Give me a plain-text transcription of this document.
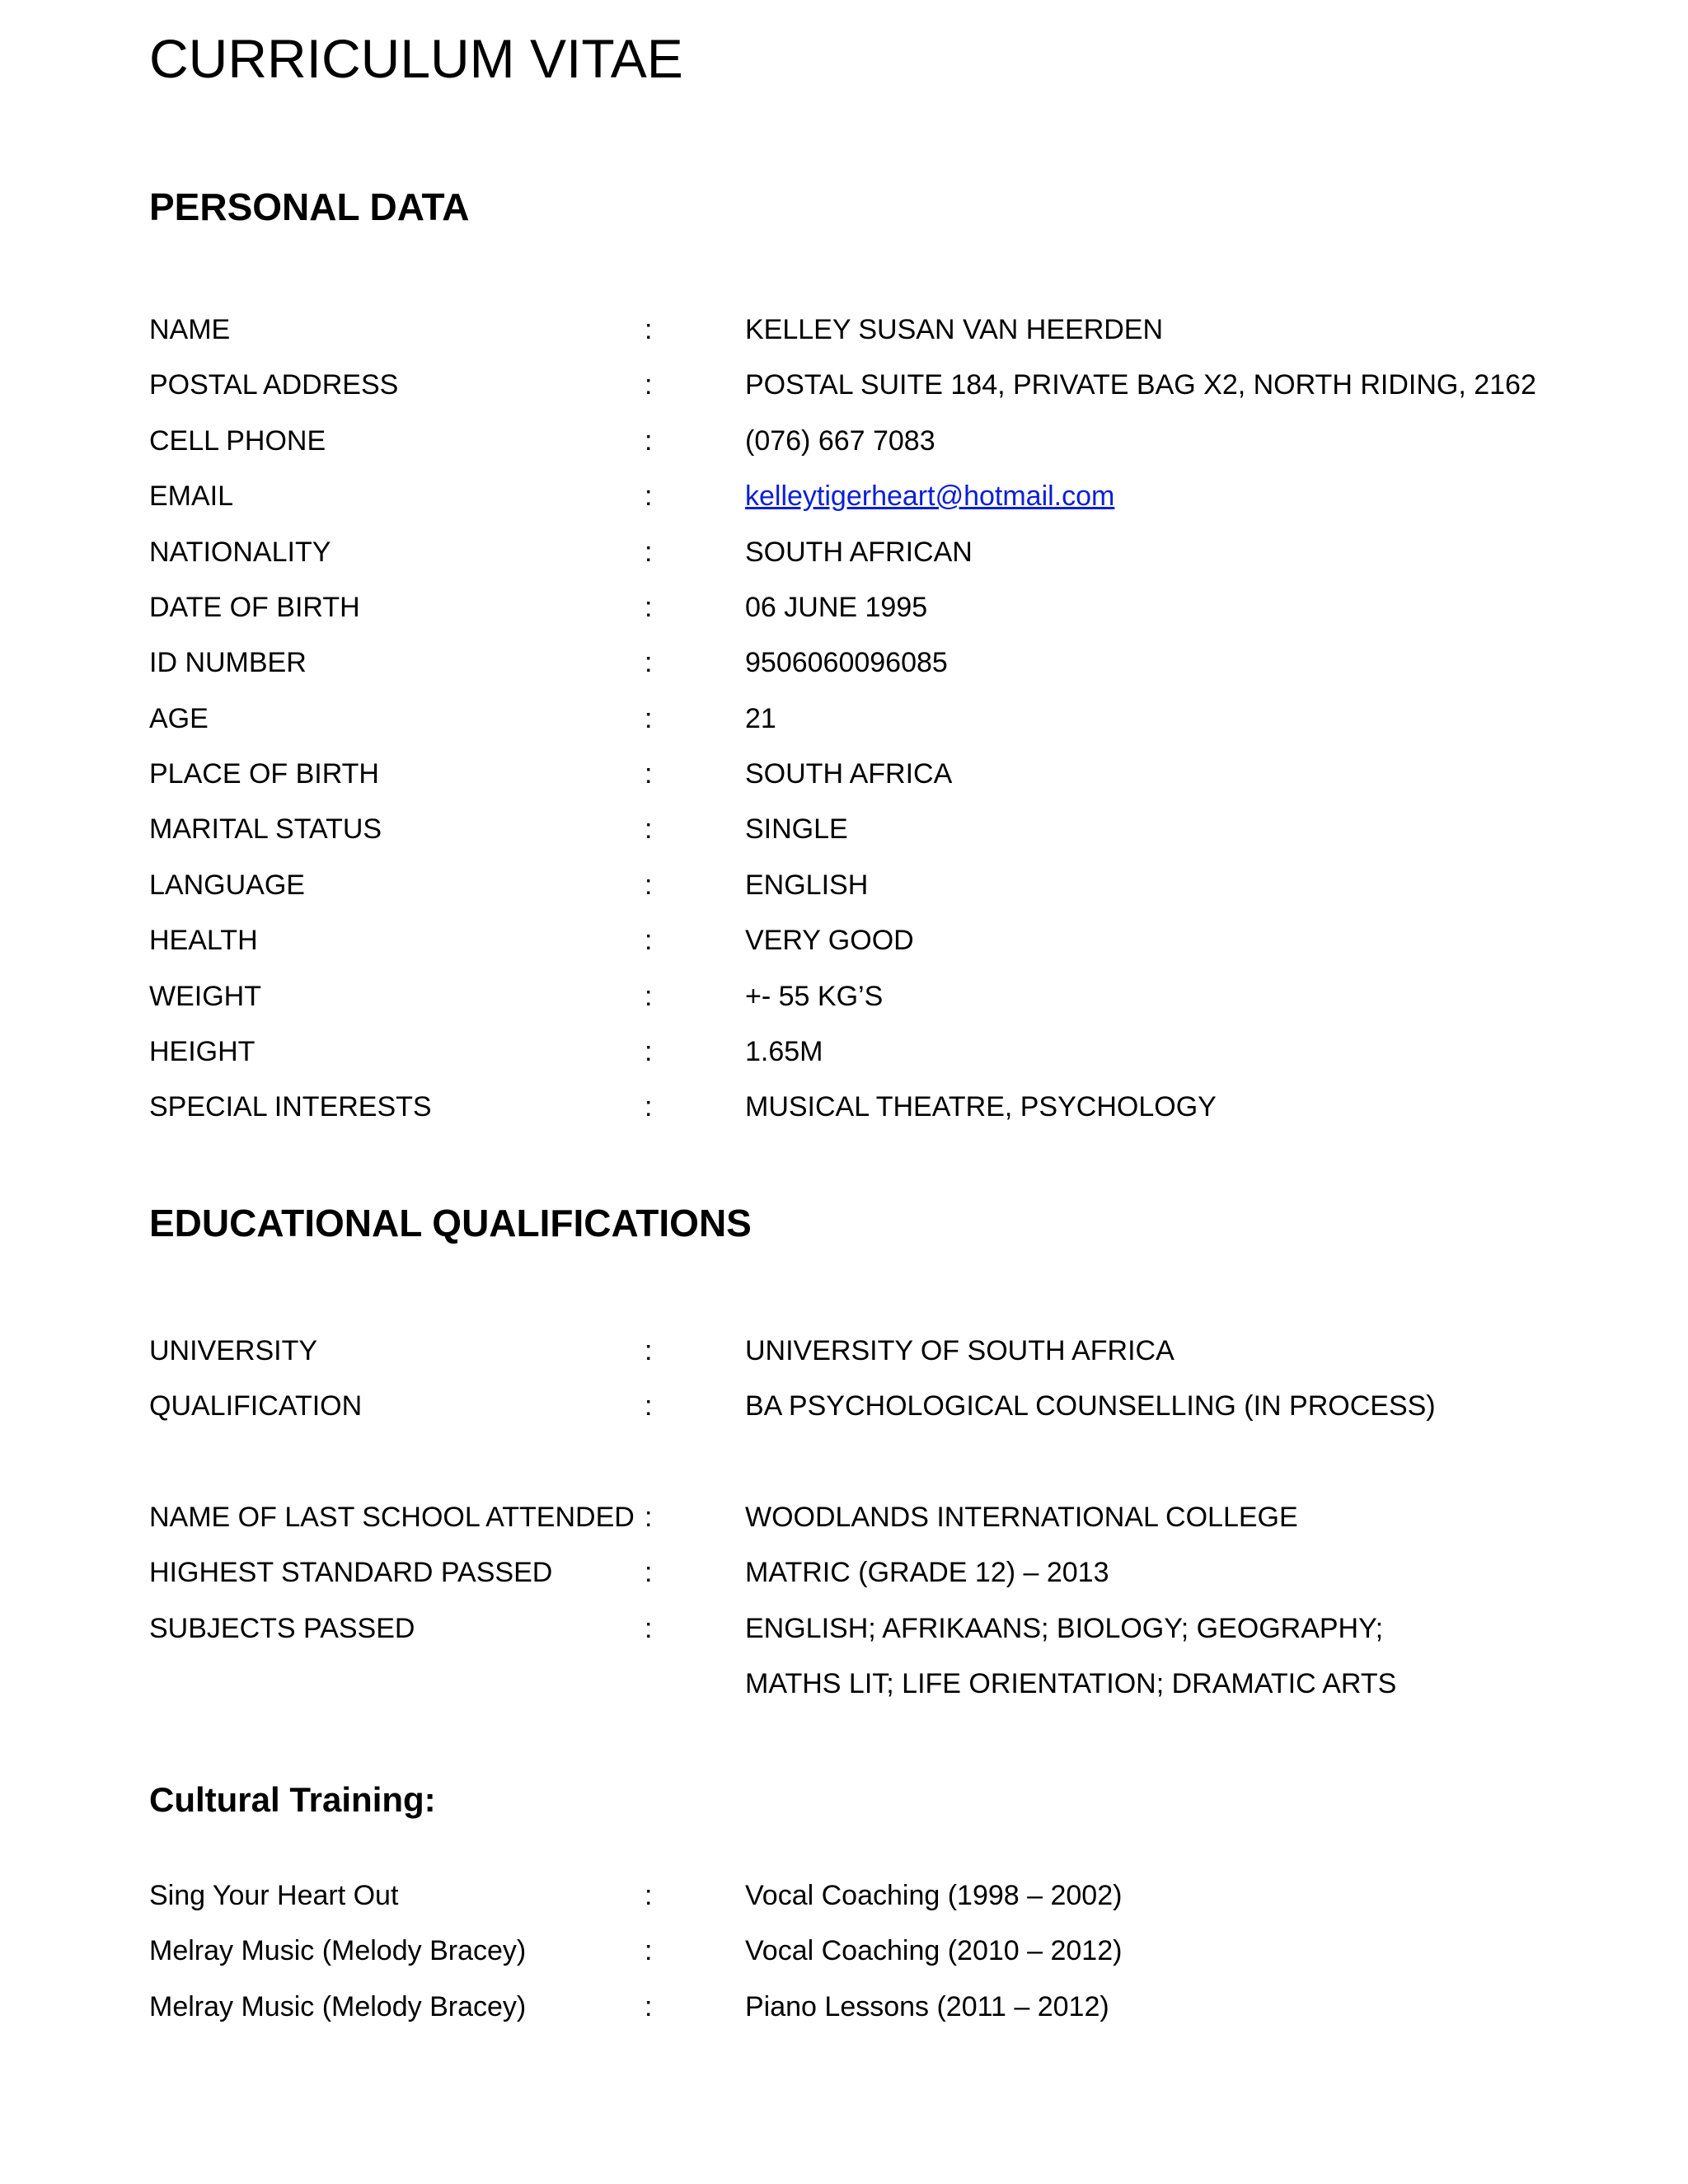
CURRICULUM VITAE
PERSONAL DATA
NAME	:	KELLEY SUSAN VAN HEERDEN
POSTAL ADDRESS	:	POSTAL SUITE 184, PRIVATE BAG X2, NORTH RIDING, 2162
CELL PHONE	:	(076) 667 7083
EMAIL	:	kelleytigerheart@hotmail.com
NATIONALITY	:	SOUTH AFRICAN
DATE OF BIRTH	:	06 JUNE 1995
ID NUMBER	:	9506060096085
AGE	:	21
PLACE OF BIRTH	:	SOUTH AFRICA
MARITAL STATUS	:	SINGLE
LANGUAGE	:	ENGLISH
HEALTH	:	VERY GOOD
WEIGHT	:	+- 55 KG’S
HEIGHT	:	1.65M
SPECIAL INTERESTS	:	MUSICAL THEATRE, PSYCHOLOGY
EDUCATIONAL QUALIFICATIONS
UNIVERSITY	:	UNIVERSITY OF SOUTH AFRICA
QUALIFICATION	:	BA PSYCHOLOGICAL COUNSELLING (IN PROCESS)
NAME OF LAST SCHOOL ATTENDED :	WOODLANDS INTERNATIONAL COLLEGE
HIGHEST STANDARD PASSED	:	MATRIC (GRADE 12) – 2013
SUBJECTS PASSED	:	ENGLISH; AFRIKAANS; BIOLOGY; GEOGRAPHY;
MATHS LIT; LIFE ORIENTATION; DRAMATIC ARTS
Cultural Training:
Sing Your Heart Out	:	Vocal Coaching (1998 – 2002)
Melray Music (Melody Bracey)	:	Vocal Coaching (2010 – 2012)
Melray Music (Melody Bracey)	:	Piano Lessons (2011 – 2012)
